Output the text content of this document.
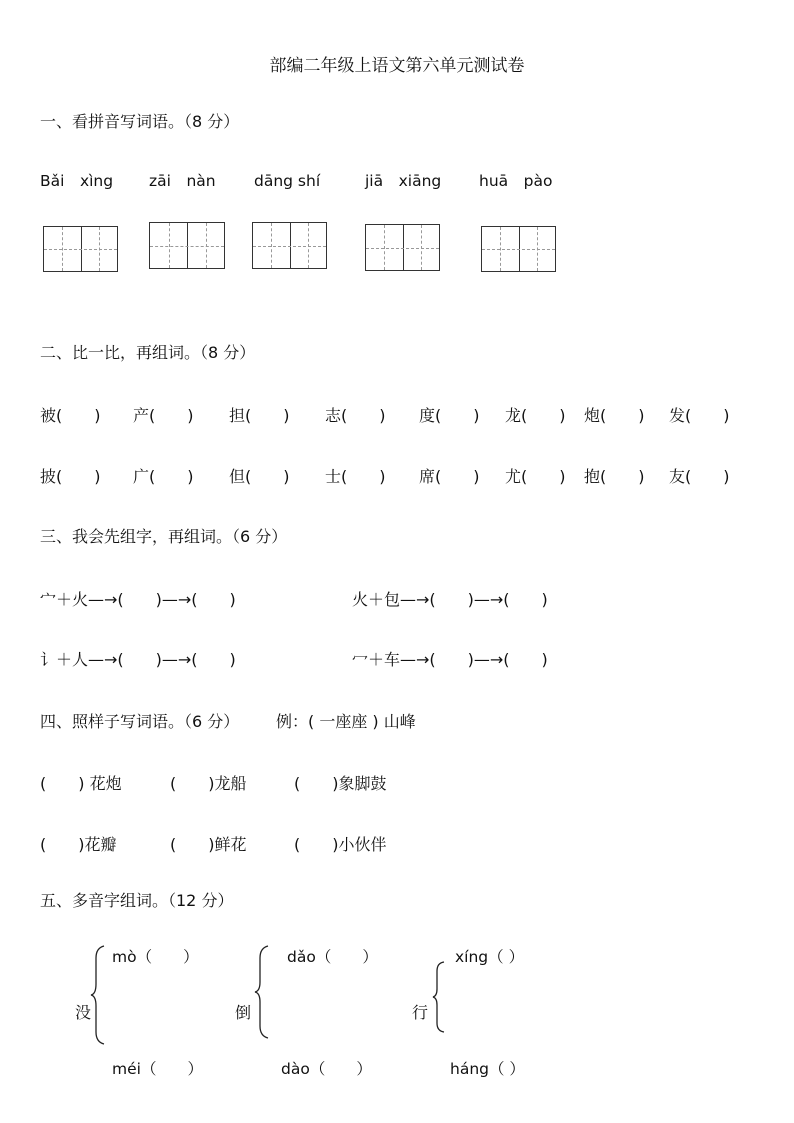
部编二年级上语文第六单元测试卷
一、看拼音写词语。（8 分）
Bǎi　xìng zāi　nàn dāng shí	jiā　xiāng huā　pào
二、比一比，再组词。（8 分）
被(　　) 产(　　) 担(　　) 志(　　) 度(　　) 龙(　　) 炮(　　) 发(　　)
披(　　) 广(　　) 但(　　) 士(　　) 席(　　) 尤(　　) 抱(　　) 友(　　)
三、我会先组字，再组词。（6 分）
宀＋火—→(　　)—→(　　)	火＋包—→(　　)—→(　　)
讠＋人—→(　　)—→(　　)	冖＋车—→(　　)—→(　　)
四、照样子写词语。（6 分） 例：( 一座座 ) 山峰
(　　) 花炮	(　　)龙船	(　　)象脚鼓
(　　)花瓣	(　　)鲜花	(　　)小伙伴
五、多音字组词。（12 分）
mò（　　）
没
méi（　　）
dǎo（　　）
倒
dào（　　）
xíng（ ）
行
háng（ ）
